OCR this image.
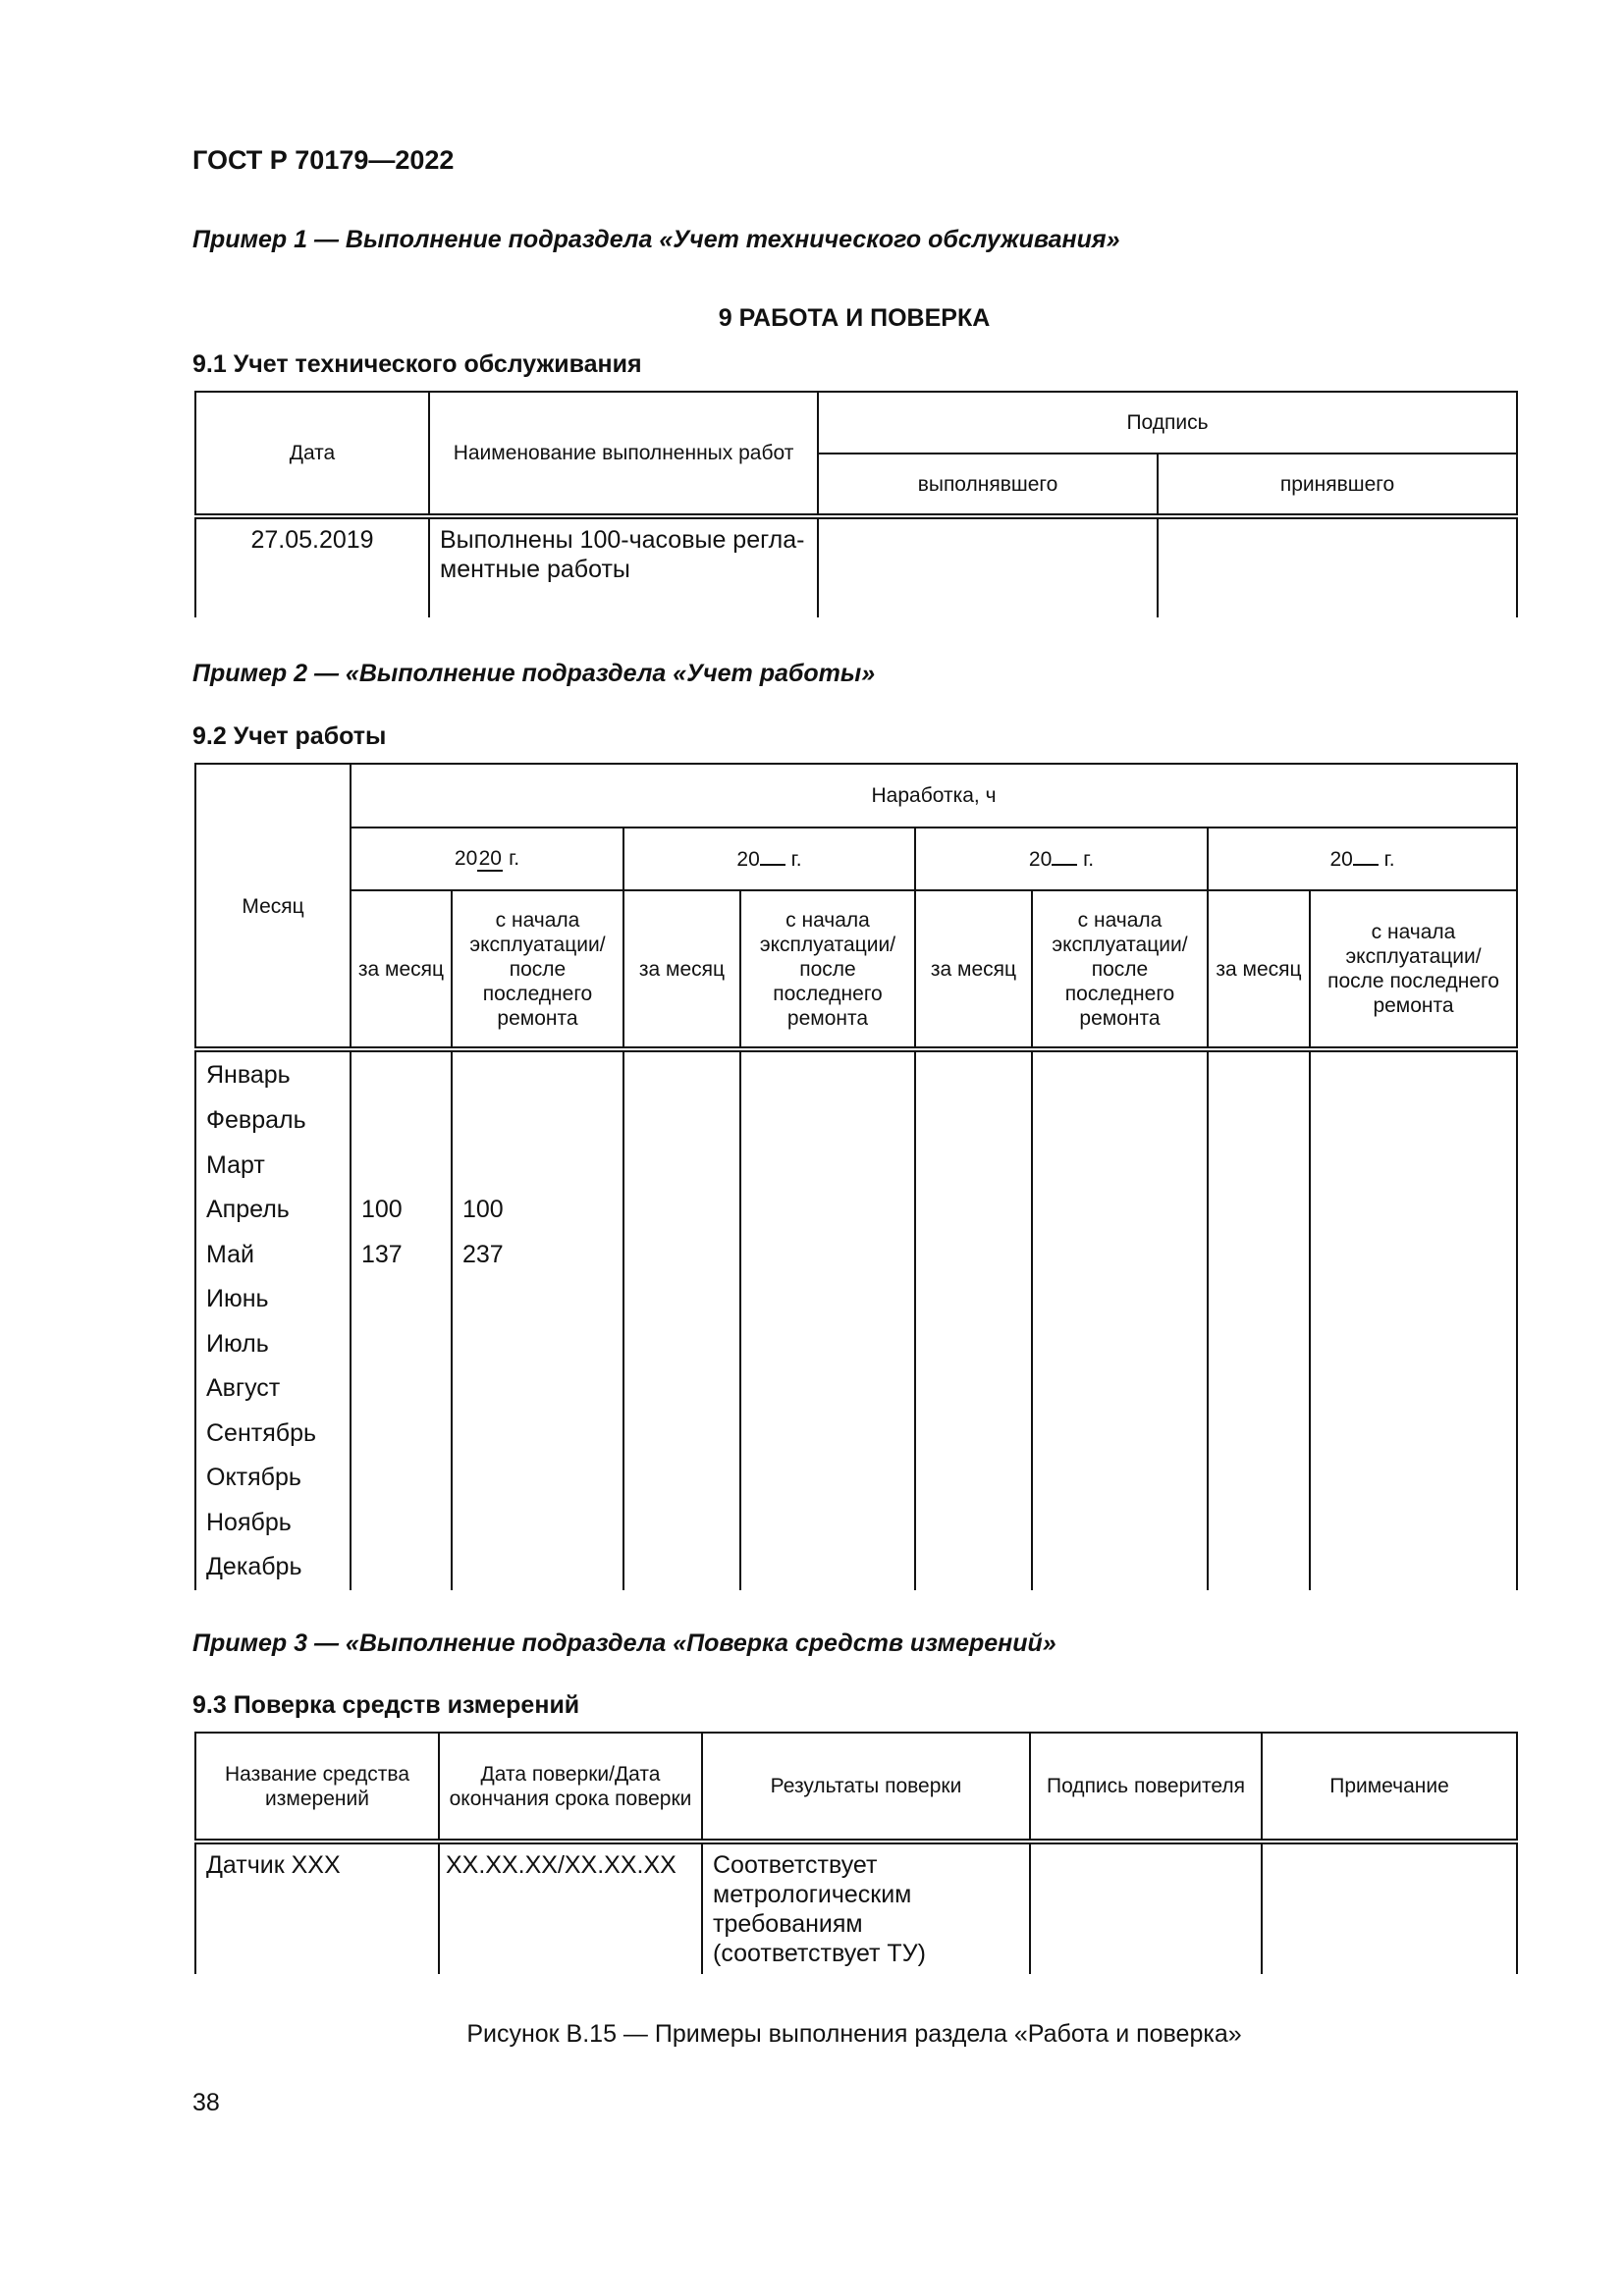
ГОСТ Р 70179—2022
Пример 1 — Выполнение подраздела «Учет технического обслуживания»
9 РАБОТА И ПОВЕРКА
9.1 Учет технического обслуживания
Дата	Наименование выполненных работ	Подпись	
		выполнявшего	принявшего
27.05.2019	Выполнены 100-часовые регла-ментные работы		
Пример 2 — «Выполнение подраздела «Учет работы»
9.2 Учет работы
Месяц	Наработка, ч							
	2020 г.		20 г.		20 г.		20 г.	
	за месяц	с начала эксплуатации/ после последнего ремонта	за месяц	с начала эксплуатации/ после последнего ремонта	за месяц	с начала эксплуатации/ после последнего ремонта	за месяц	с начала эксплуатации/ после последнего ремонта
Январь								
Февраль								
Март								
Апрель	100	100						
Май	137	237						
Июнь								
Июль								
Август								
Сентябрь								
Октябрь								
Ноябрь								
Декабрь								
Пример 3 — «Выполнение подраздела «Поверка средств измерений»
9.3 Поверка средств измерений
Название средства измерений	Дата поверки/Дата окончания срока поверки	Результаты поверки	Подпись поверителя	Примечание
Датчик XXX	XX.XX.XX/XX.XX.XX	Соответствует метрологическим требованиям (соответствует ТУ)		
Рисунок В.15 — Примеры выполнения раздела «Работа и поверка»
38
